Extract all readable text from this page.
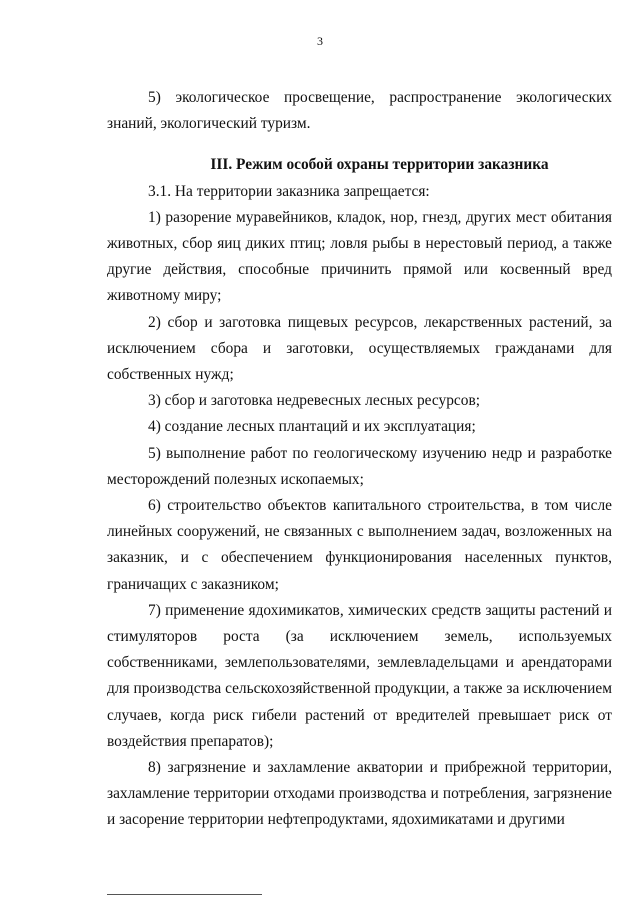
3

5) экологическое просвещение, распространение экологических знаний, экологический туризм.

III. Режим особой охраны территории заказника

3.1. На территории заказника запрещается:

1) разорение муравейников, кладок, нор, гнезд, других мест обитания животных, сбор яиц диких птиц; ловля рыбы в нерестовый период, а также другие действия, способные причинить прямой или косвенный вред животному миру;

2) сбор и заготовка пищевых ресурсов, лекарственных растений, за исключением сбора и заготовки, осуществляемых гражданами для собственных нужд;

3) сбор и заготовка недревесных лесных ресурсов;

4) создание лесных плантаций и их эксплуатация;

5) выполнение работ по геологическому изучению недр и разработке месторождений полезных ископаемых;

6) строительство объектов капитального строительства, в том числе линейных сооружений, не связанных с выполнением задач, возложенных на заказник, и с обеспечением функционирования населенных пунктов, граничащих с заказником;

7) применение ядохимикатов, химических средств защиты растений и стимуляторов роста (за исключением земель, используемых собственниками, землепользователями, землевладельцами и арендаторами для производства сельскохозяйственной продукции, а также за исключением случаев, когда риск гибели растений от вредителей превышает риск от воздействия препаратов);

8) загрязнение и захламление акватории и прибрежной территории, захламление территории отходами производства и потребления, загрязнение и засорение территории нефтепродуктами, ядохимикатами и другими
